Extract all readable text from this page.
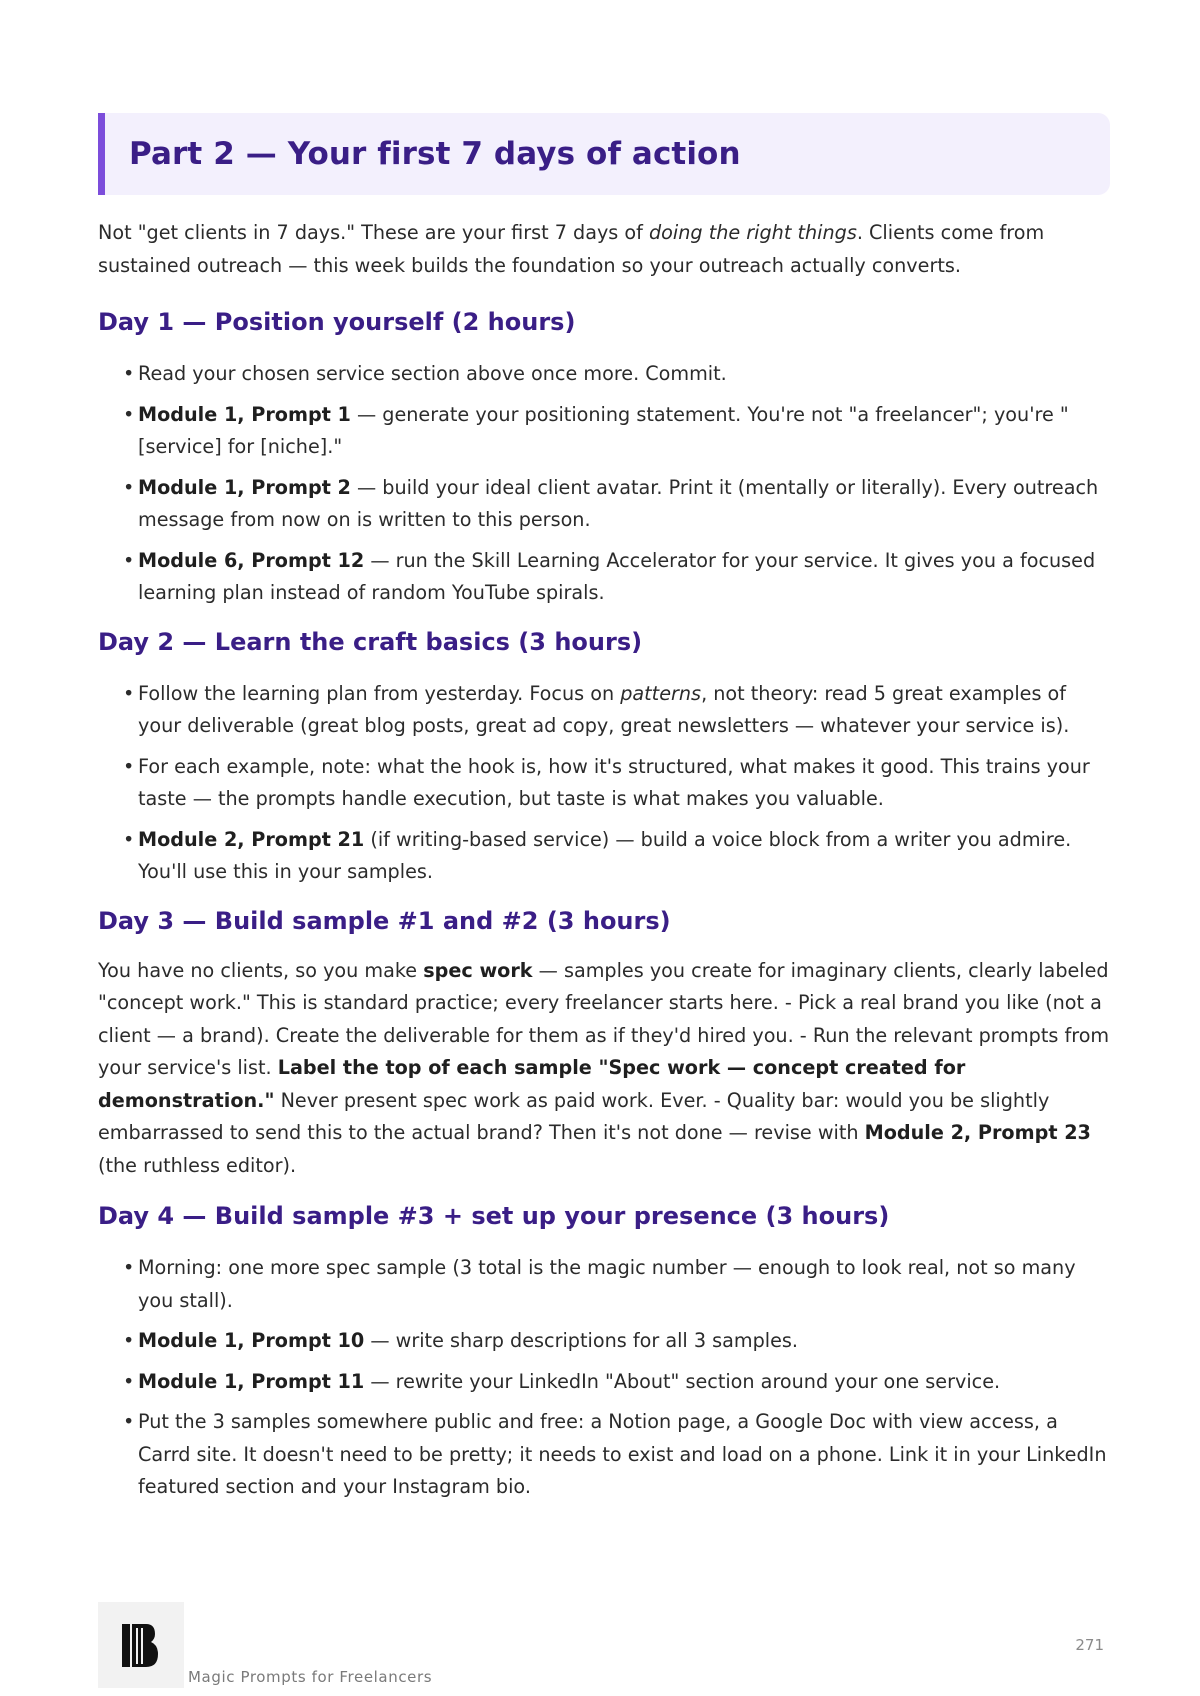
Part 2 — Your first 7 days of action

Not "get clients in 7 days." These are your first 7 days of doing the right things. Clients come from sustained outreach — this week builds the foundation so your outreach actually converts.

Day 1 — Position yourself (2 hours)
• Read your chosen service section above once more. Commit.
• Module 1, Prompt 1 — generate your positioning statement. You're not "a freelancer"; you're "[service] for [niche]."
• Module 1, Prompt 2 — build your ideal client avatar. Print it (mentally or literally). Every outreach message from now on is written to this person.
• Module 6, Prompt 12 — run the Skill Learning Accelerator for your service. It gives you a focused learning plan instead of random YouTube spirals.
Day 2 — Learn the craft basics (3 hours)
• Follow the learning plan from yesterday. Focus on patterns, not theory: read 5 great examples of your deliverable (great blog posts, great ad copy, great newsletters — whatever your service is).
• For each example, note: what the hook is, how it's structured, what makes it good. This trains your taste — the prompts handle execution, but taste is what makes you valuable.
• Module 2, Prompt 21 (if writing-based service) — build a voice block from a writer you admire. You'll use this in your samples.
Day 3 — Build sample #1 and #2 (3 hours)

You have no clients, so you make spec work — samples you create for imaginary clients, clearly labeled "concept work." This is standard practice; every freelancer starts here. - Pick a real brand you like (not a client — a brand). Create the deliverable for them as if they'd hired you. - Run the relevant prompts from your service's list. Label the top of each sample "Spec work — concept created for demonstration." Never present spec work as paid work. Ever. - Quality bar: would you be slightly embarrassed to send this to the actual brand? Then it's not done — revise with Module 2, Prompt 23 (the ruthless editor).

Day 4 — Build sample #3 + set up your presence (3 hours)
• Morning: one more spec sample (3 total is the magic number — enough to look real, not so many you stall).
• Module 1, Prompt 10 — write sharp descriptions for all 3 samples.
• Module 1, Prompt 11 — rewrite your LinkedIn "About" section around your one service.
• Put the 3 samples somewhere public and free: a Notion page, a Google Doc with view access, a Carrd site. It doesn't need to be pretty; it needs to exist and load on a phone. Link it in your LinkedIn featured section and your Instagram bio.
Magic Prompts for Freelancers
271
